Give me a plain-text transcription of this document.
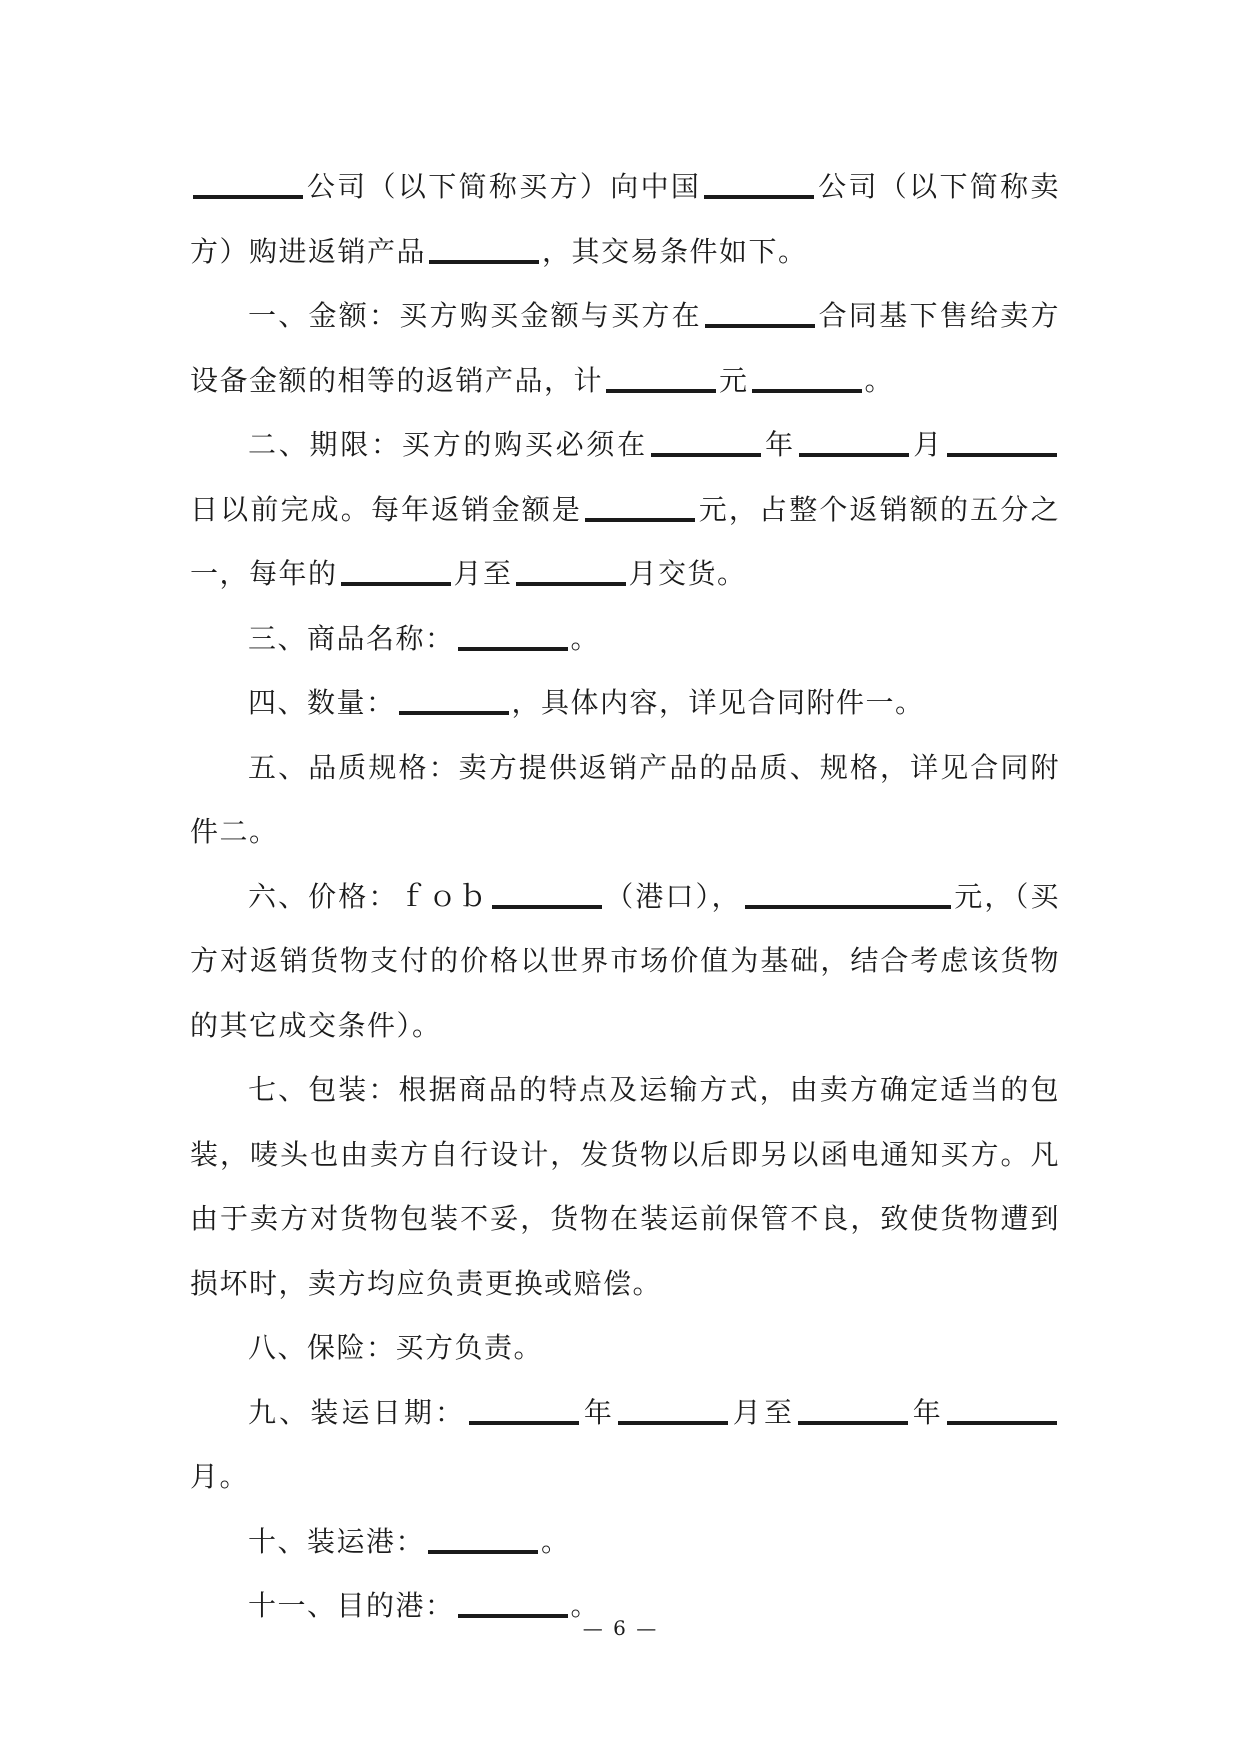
公司（以下简称买方）向中国	公司（以下简称卖方）购进返销产品	，其交易条件如下。

一、金额：买方购买金额与买方在	合同基下售给卖方设备金额的相等的返销产品，计	元	。

二、期限：买方的购买必须在	年	月日以前完成。每年返销金额是	元，占整个返销额的五分之一，每年的	月至	月交货。

三、商品名称：	。

四、数量：	，具体内容，详见合同附件一。

五、品质规格：卖方提供返销产品的品质、规格，详见合同附件二。

六、价格：ｆｏｂ	（港口），	元，（买方对返销货物支付的价格以世界市场价值为基础，结合考虑该货物的其它成交条件）。

七、包装：根据商品的特点及运输方式，由卖方确定适当的包装，唛头也由卖方自行设计，发货物以后即另以函电通知买方。凡由于卖方对货物包装不妥，货物在装运前保管不良，致使货物遭到损坏时，卖方均应负责更换或赔偿。

八、保险：买方负责。

九、装运日期：	年	月至	年月。

十、装运港：	。

十一、目的港：	。

— 6 —
